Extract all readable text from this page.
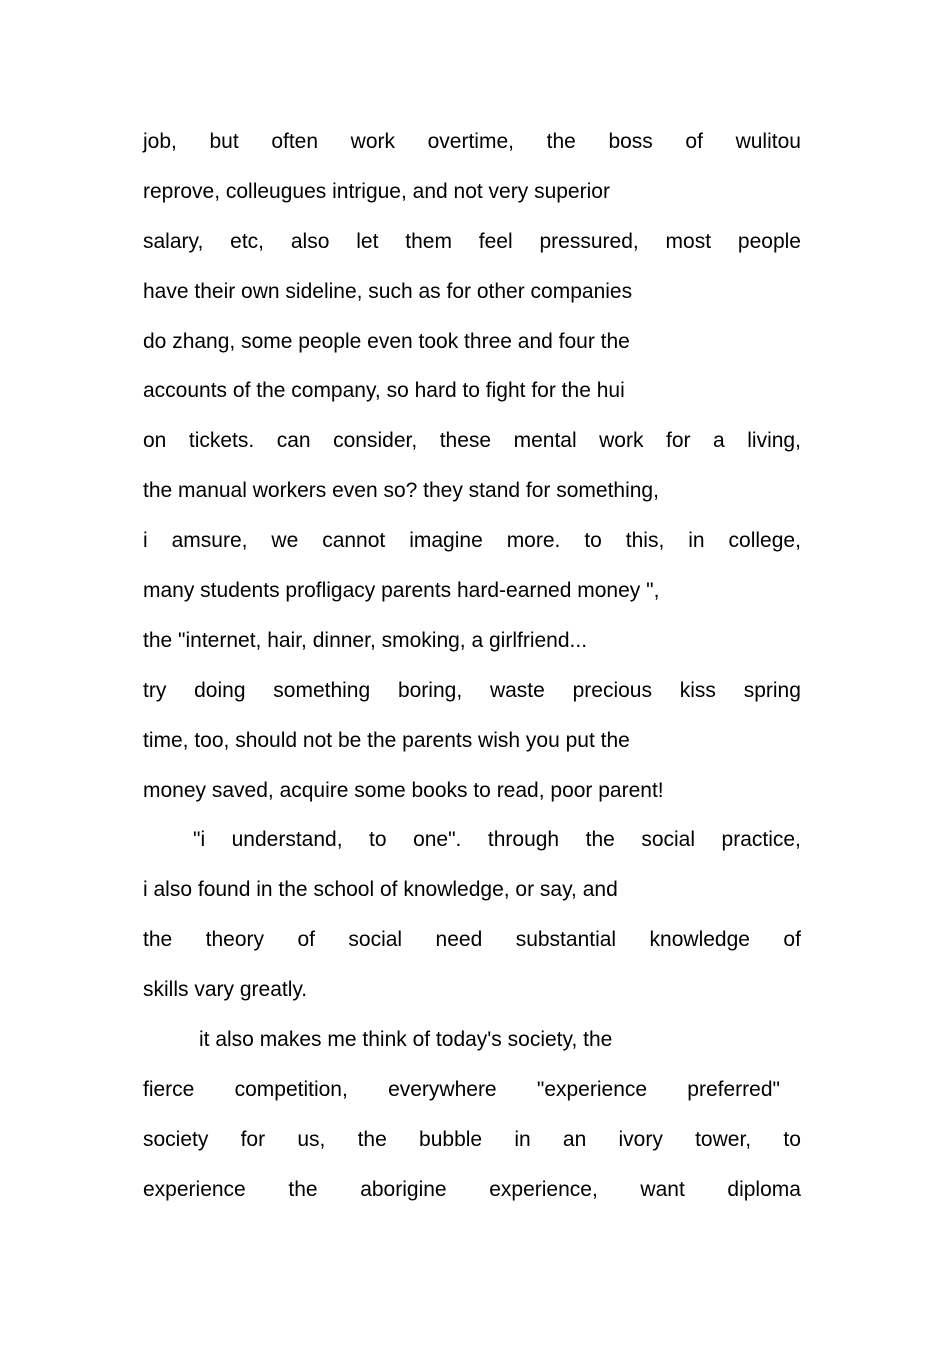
job, but often work overtime, the boss of wulitou
reprove, colleugues intrigue, and not very superior
salary, etc, also let them feel pressured, most people
have their own sideline, such as for other companies
do zhang, some people even took three and four the
accounts of the company, so hard to fight for the hui
on tickets. can consider, these mental work for a living,
the manual workers even so? they stand for something,
i amsure, we cannot imagine more. to this, in college,
many students profligacy parents hard-earned money ",
the "internet, hair, dinner, smoking, a girlfriend...
try doing something boring, waste precious kiss spring
time, too, should not be the parents wish you put the
money saved, acquire some books to read, poor parent!
"i understand, to one". through the social practice,
i also found in the school of knowledge, or say, and
the theory of social need substantial knowledge of
skills vary greatly.
it also makes me think of today's society, the
fierce competition, everywhere "experience preferred"
society for us, the bubble in an ivory tower, to
experience the aborigine experience, want diploma
